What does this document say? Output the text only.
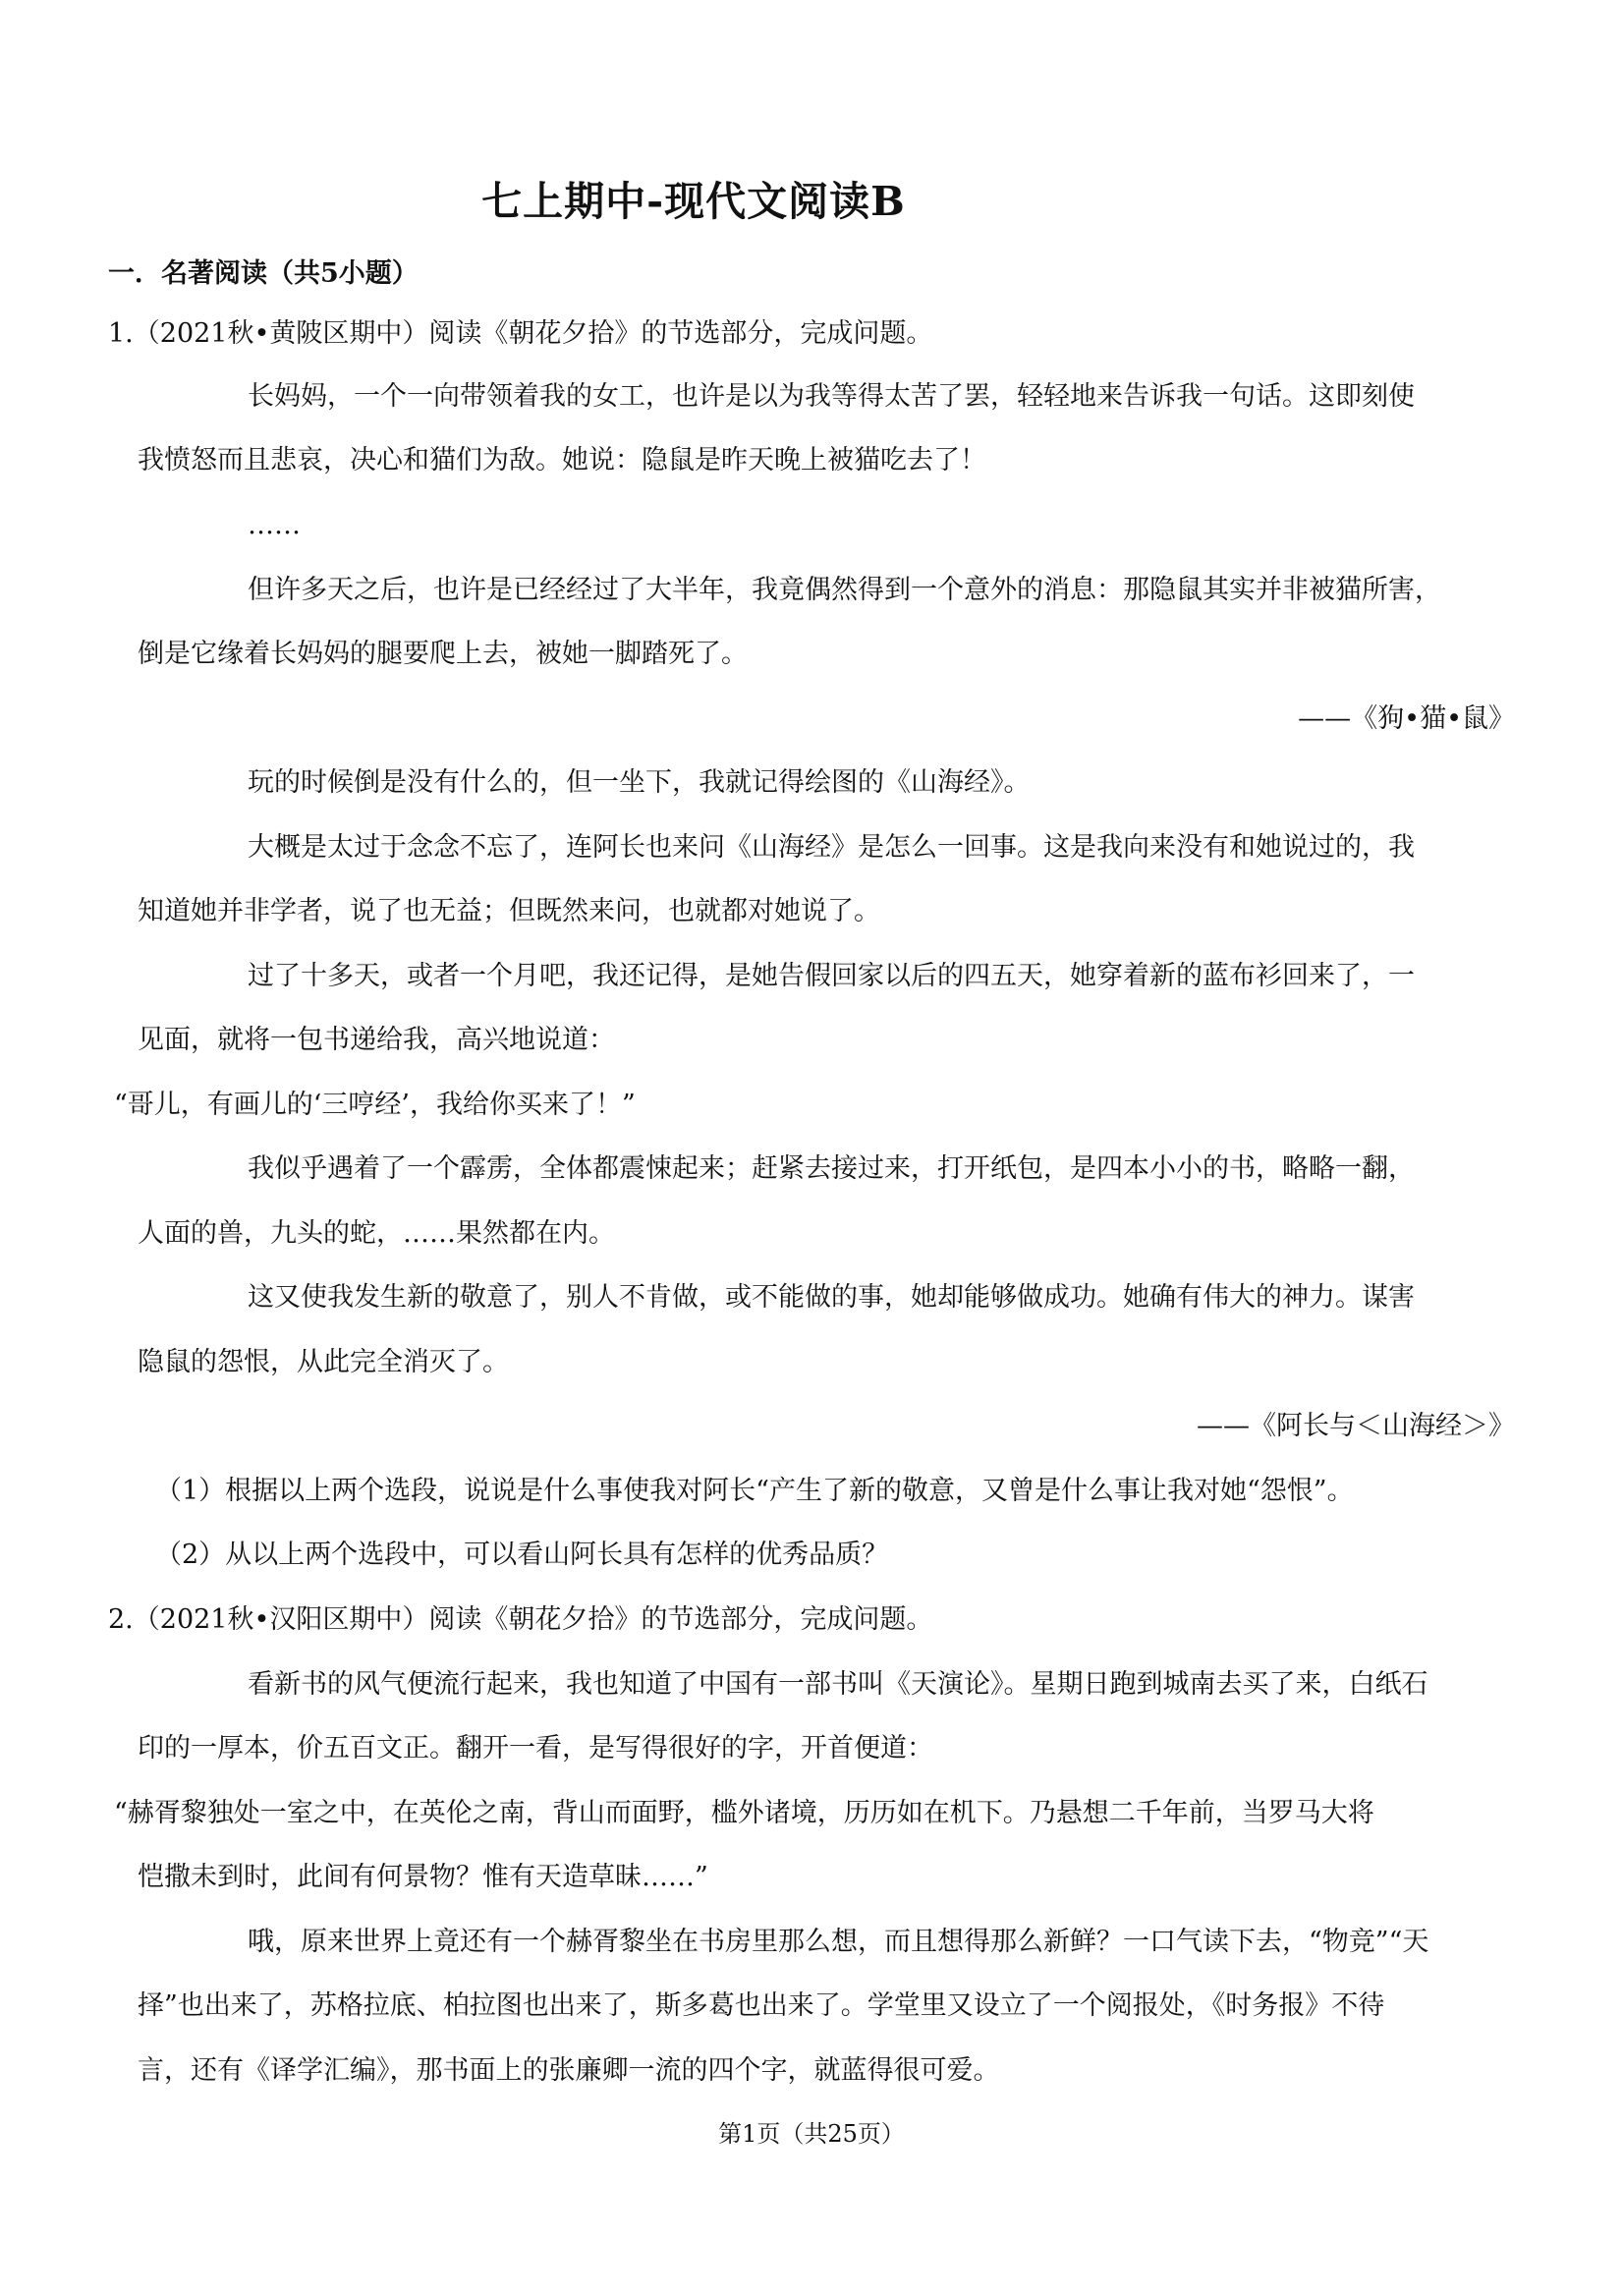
七上期中-现代文阅读B
一．名著阅读（共5小题）
1.（2021秋•黄陂区期中）阅读《朝花夕拾》的节选部分，完成问题。
长妈妈，一个一向带领着我的女工，也许是以为我等得太苦了罢，轻轻地来告诉我一句话。这即刻使
我愤怒而且悲哀，决心和猫们为敌。她说：隐鼠是昨天晚上被猫吃去了！
……
但许多天之后，也许是已经经过了大半年，我竟偶然得到一个意外的消息：那隐鼠其实并非被猫所害，
倒是它缘着长妈妈的腿要爬上去，被她一脚踏死了。
——《狗•猫•鼠》
玩的时候倒是没有什么的，但一坐下，我就记得绘图的《山海经》。
大概是太过于念念不忘了，连阿长也来问《山海经》是怎么一回事。这是我向来没有和她说过的，我
知道她并非学者，说了也无益；但既然来问，也就都对她说了。
过了十多天，或者一个月吧，我还记得，是她告假回家以后的四五天，她穿着新的蓝布衫回来了，一
见面，就将一包书递给我，高兴地说道：
“哥儿，有画儿的‘三哼经’，我给你买来了！”
我似乎遇着了一个霹雳，全体都震悚起来；赶紧去接过来，打开纸包，是四本小小的书，略略一翻，
人面的兽，九头的蛇，……果然都在内。
这又使我发生新的敬意了，别人不肯做，或不能做的事，她却能够做成功。她确有伟大的神力。谋害
隐鼠的怨恨，从此完全消灭了。
——《阿长与＜山海经＞》
（1）根据以上两个选段，说说是什么事使我对阿长“产生了新的敬意，又曾是什么事让我对她“怨恨”。
（2）从以上两个选段中，可以看山阿长具有怎样的优秀品质？
2.（2021秋•汉阳区期中）阅读《朝花夕拾》的节选部分，完成问题。
看新书的风气便流行起来，我也知道了中国有一部书叫《天演论》。星期日跑到城南去买了来，白纸石
印的一厚本，价五百文正。翻开一看，是写得很好的字，开首便道：
“赫胥黎独处一室之中，在英伦之南，背山而面野，槛外诸境，历历如在机下。乃悬想二千年前，当罗马大将
恺撒未到时，此间有何景物？惟有天造草昧……”
哦，原来世界上竟还有一个赫胥黎坐在书房里那么想，而且想得那么新鲜？一口气读下去，“物竞”“天
择”也出来了，苏格拉底、柏拉图也出来了，斯多葛也出来了。学堂里又设立了一个阅报处，《时务报》不待
言，还有《译学汇编》，那书面上的张廉卿一流的四个字，就蓝得很可爱。
第1页（共25页）
